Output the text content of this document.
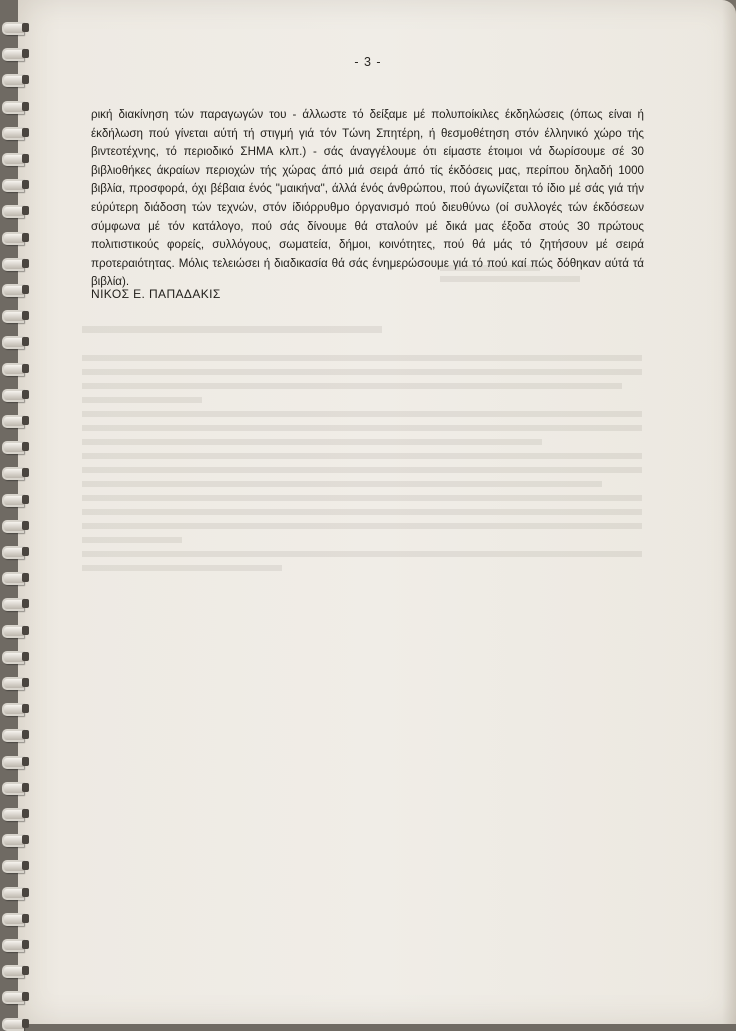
- 3 -

ρική διακίνηση τών παραγωγών του - άλλωστε τό δείξαμε μέ πολυποίκιλες έκδηλώσεις (όπως είναι ή έκδήλωση πού γίνεται αύτή τή στιγμή γιά τόν Τώνη Σπητέρη, ή θεσμοθέτηση στόν έλληνικό χώρο τής βιντεοτέχνης, τό περιοδικό ΣΗΜΑ κλπ.) - σάς άναγγέλουμε ότι είμαστε έτοιμοι νά δωρίσουμε σέ 30 βιβλιοθήκες άκραίων περιοχών τής χώρας άπό μιά σειρά άπό τίς έκδόσεις μας, περίπου δηλαδή 1000 βιβλία, προσφορά, όχι βέβαια ένός "μαικήνα", άλλά ένός άνθρώπου, πού άγωνίζεται τό ίδιο μέ σάς γιά τήν εύρύτερη διάδοση τών τεχνών, στόν ίδιόρρυθμο όργανισμό πού διευθύνω (οί συλλογές τών έκδόσεων σύμφωνα μέ τόν κατάλογο, πού σάς δίνουμε θά σταλούν μέ δικά μας έξοδα στούς 30 πρώτους πολιτιστικούς φορείς, συλλόγους, σωματεία, δήμοι, κοινότητες, πού θά μάς τό ζητήσουν μέ σειρά προτεραιότητας. Μόλις τελειώσει ή διαδικασία θά σάς ένημερώσουμε γιά τό πού καί πώς δόθηκαν αύτά τά βιβλία).

ΝΙΚΟΣ Ε. ΠΑΠΑΔΑΚΙΣ
